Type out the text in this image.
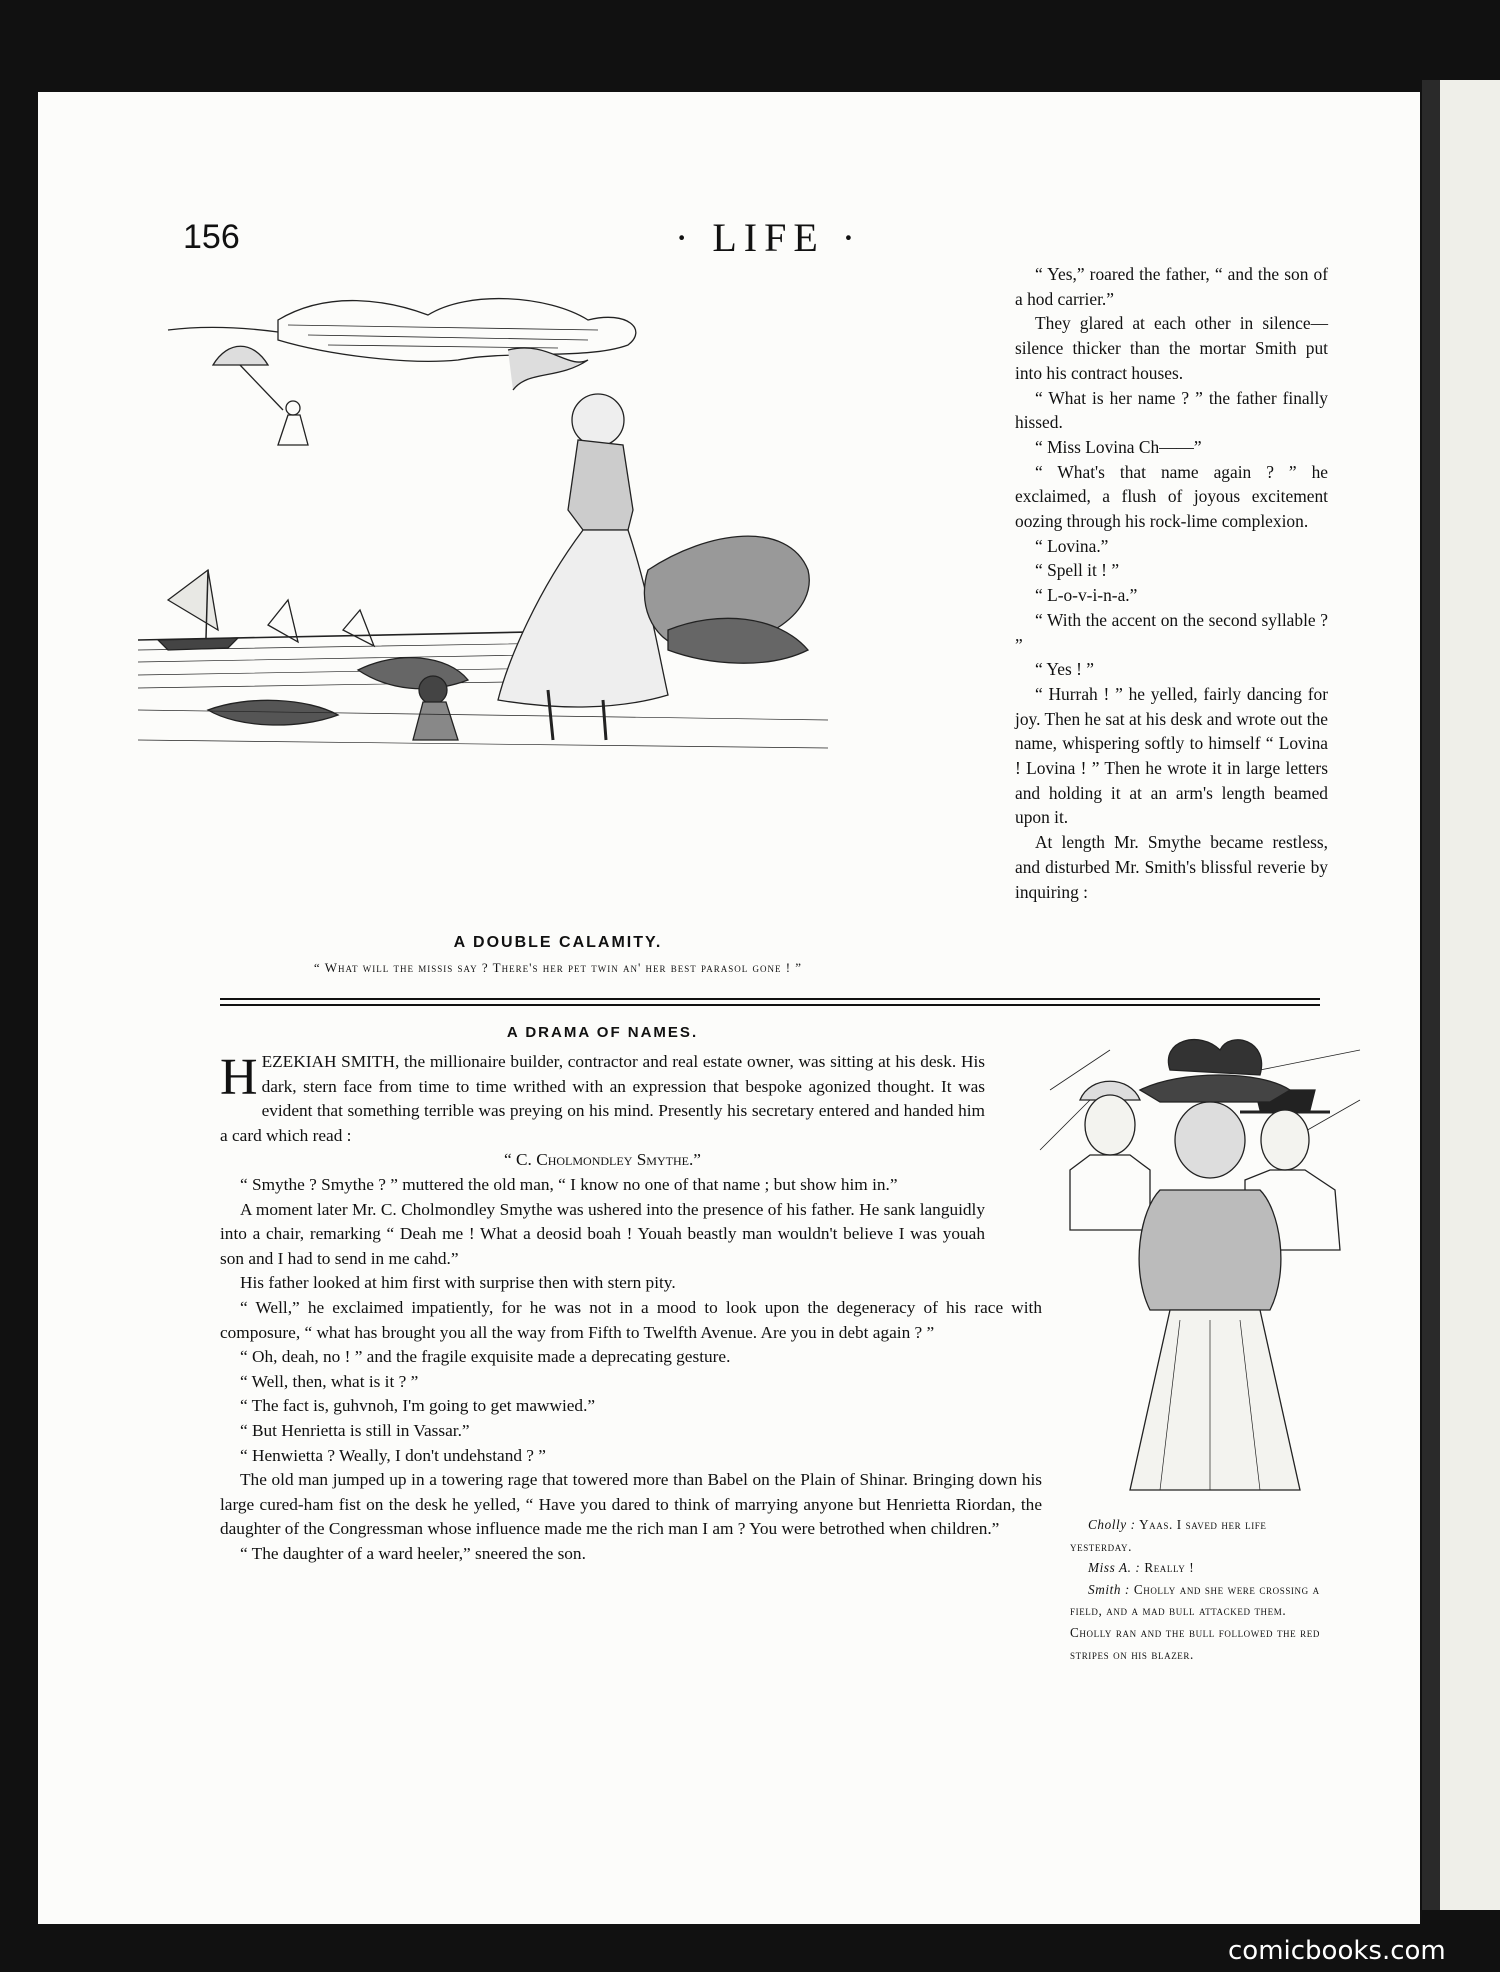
156	· LIFE ·
A DOUBLE CALAMITY.
“ What will the missis say ? There's her pet twin an' her best parasol gone ! ”

“ Yes,” roared the father, “ and the son of a hod carrier.”

They glared at each other in silence—silence thicker than the mortar Smith put into his contract houses.

“ What is her name ? ” the father finally hissed.

“ Miss Lovina Ch——”

“ What's that name again ? ” he exclaimed, a flush of joyous excitement oozing through his rock-lime complexion.

“ Lovina.”

“ Spell it ! ”

“ L-o-v-i-n-a.”

“ With the accent on the second syllable ? ”

“ Yes ! ”

“ Hurrah ! ” he yelled, fairly dancing for joy. Then he sat at his desk and wrote out the name, whispering softly to himself “ Lovina ! Lovina ! ” Then he wrote it in large letters and holding it at an arm's length beamed upon it.

At length Mr. Smythe became restless, and disturbed Mr. Smith's blissful reverie by inquiring :

A DRAMA OF NAMES.

HEZEKIAH SMITH, the millionaire builder, contractor and real estate owner, was sitting at his desk. His dark, stern face from time to time writhed with an expression that bespoke agonized thought. It was evident that something terrible was preying on his mind. Presently his secretary entered and handed him a card which read :

“ C. Cholmondley Smythe.”

“ Smythe ? Smythe ? ” muttered the old man, “ I know no one of that name ; but show him in.”

A moment later Mr. C. Cholmondley Smythe was ushered into the presence of his father. He sank languidly into a chair, remarking “ Deah me ! What a deosid boah ! Youah beastly man wouldn't believe I was youah son and I had to send in me cahd.”

His father looked at him first with surprise then with stern pity.

“ Well,” he exclaimed impatiently, for he was not in a mood to look upon the degeneracy of his race with composure, “ what has brought you all the way from Fifth to Twelfth Avenue. Are you in debt again ? ”

“ Oh, deah, no ! ” and the fragile exquisite made a deprecating gesture.

“ Well, then, what is it ? ”

“ The fact is, guhvnoh, I'm going to get mawwied.”

“ But Henrietta is still in Vassar.”

“ Henwietta ? Weally, I don't undehstand ? ”

The old man jumped up in a towering rage that towered more than Babel on the Plain of Shinar. Bringing down his large cured-ham fist on the desk he yelled, “ Have you dared to think of marrying anyone but Henrietta Riordan, the daughter of the Congressman whose influence made me the rich man I am ? You were betrothed when children.”

“ The daughter of a ward heeler,” sneered the son.

Cholly : Yaas. I saved her life yesterday.

Miss A. : Really !

Smith : Cholly and she were crossing a field, and a mad bull attacked them. Cholly ran and the bull followed the red stripes on his blazer.

comicbooks.com
